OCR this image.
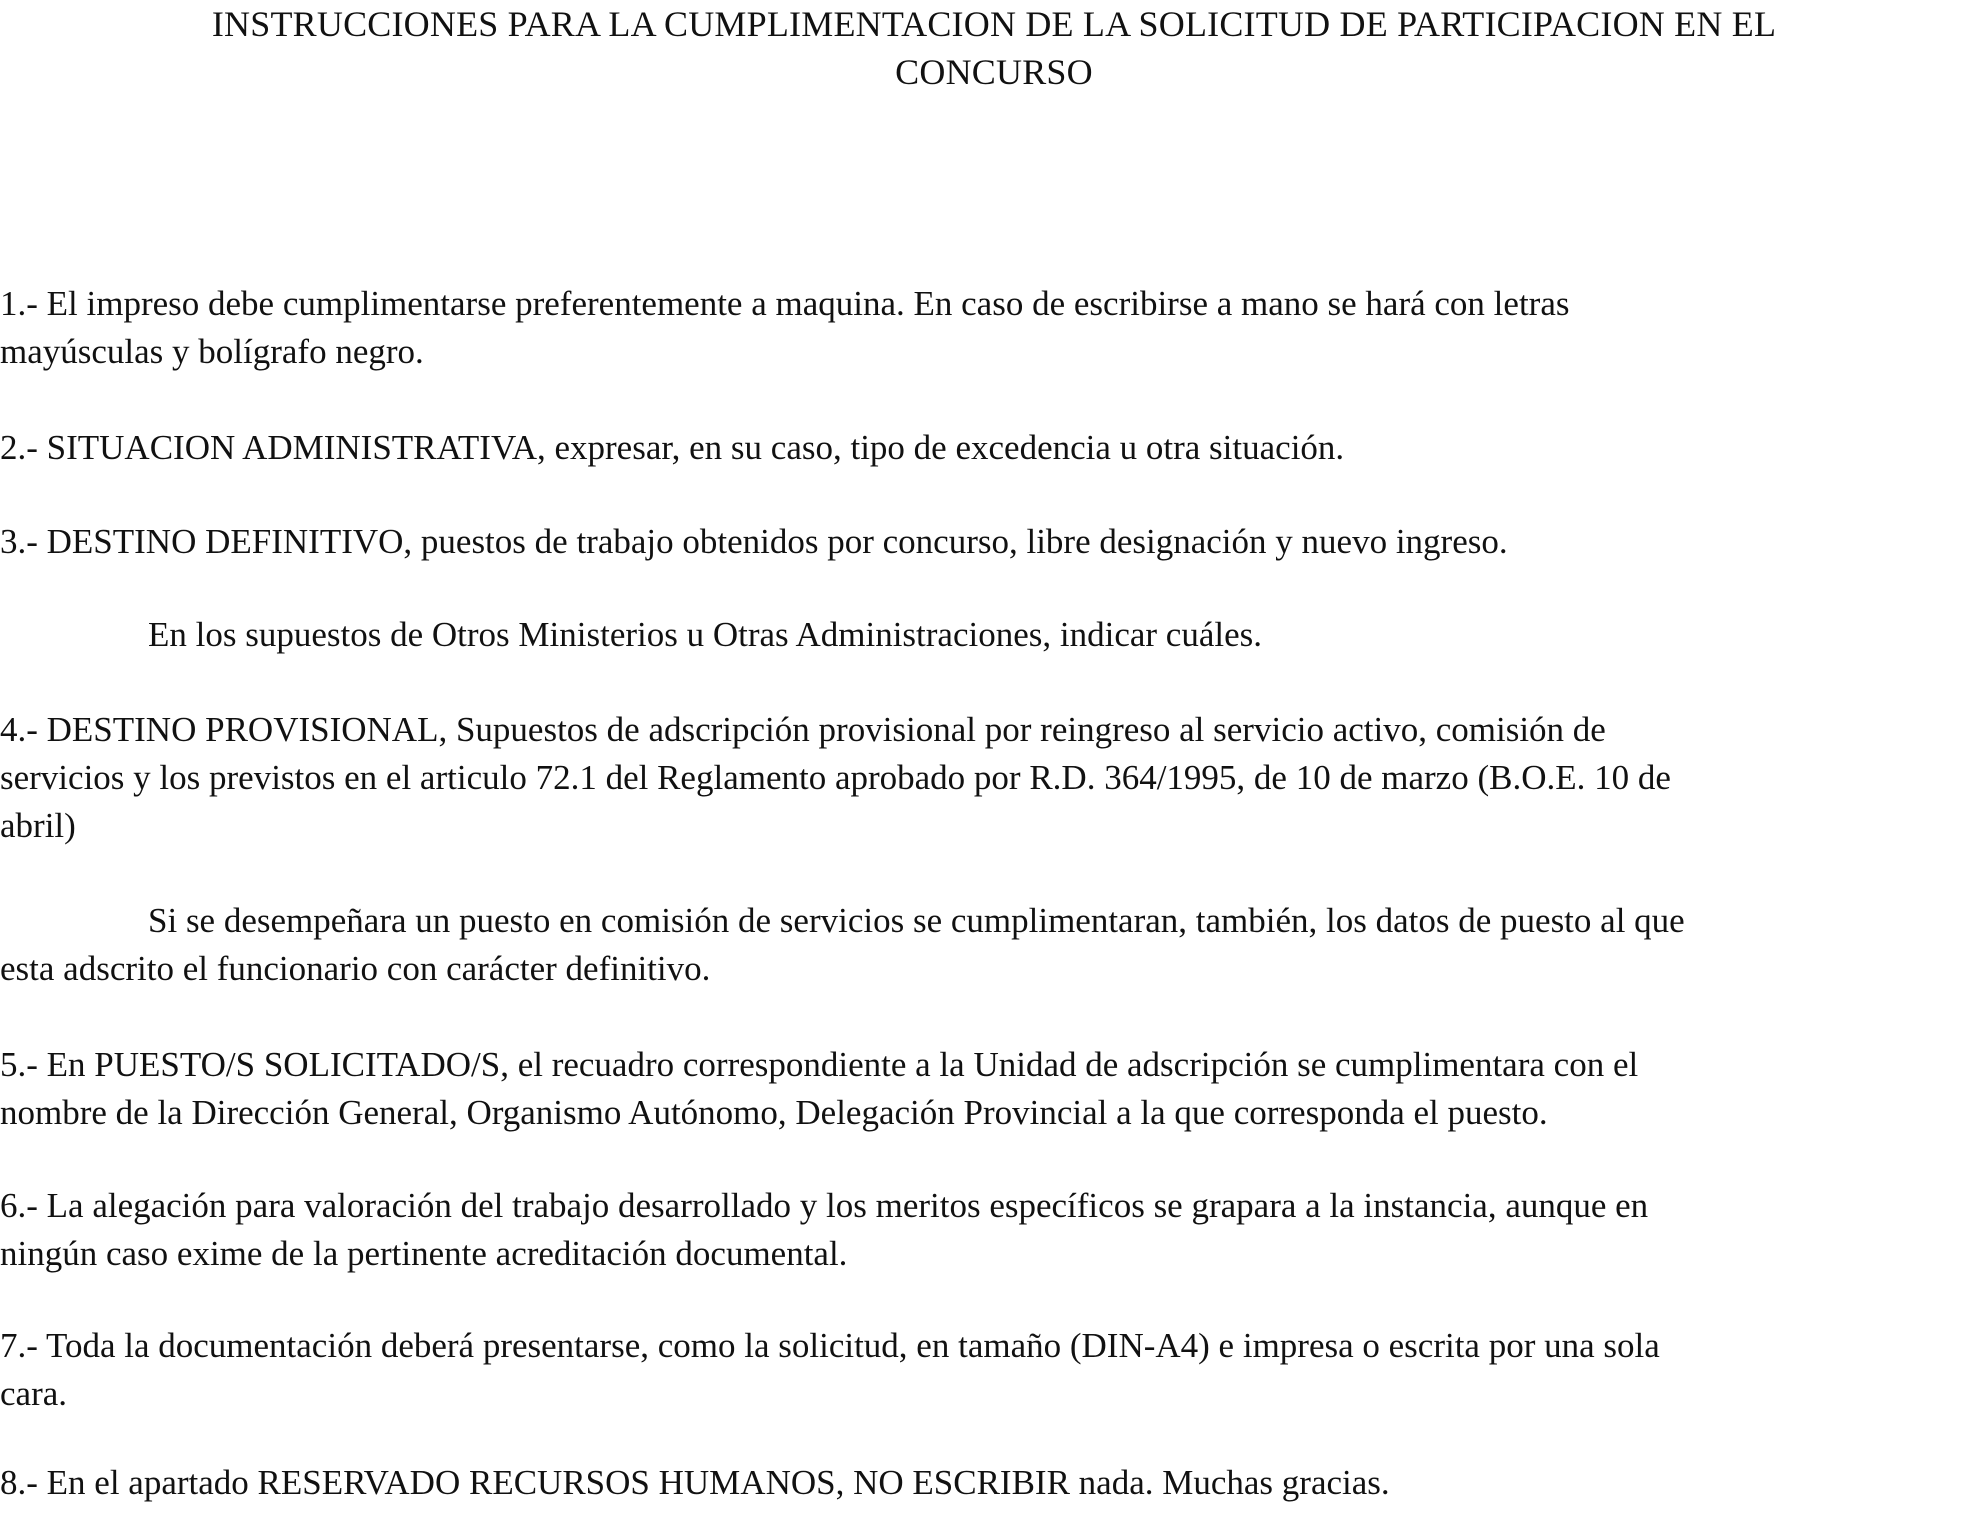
INSTRUCCIONES PARA LA CUMPLIMENTACION DE LA SOLICITUD DE PARTICIPACION EN EL
CONCURSO

1.- El impreso debe cumplimentarse preferentemente a maquina. En caso de escribirse a mano se hará con letras
mayúsculas y bolígrafo negro.

2.- SITUACION ADMINISTRATIVA, expresar, en su caso, tipo de excedencia u otra situación.

3.- DESTINO DEFINITIVO, puestos de trabajo obtenidos por concurso, libre designación y nuevo ingreso.

En los supuestos de Otros Ministerios u Otras Administraciones, indicar cuáles.

4.- DESTINO PROVISIONAL, Supuestos de adscripción provisional por reingreso al servicio activo, comisión de
servicios y los previstos en el articulo 72.1 del Reglamento aprobado por R.D. 364/1995, de 10 de marzo (B.O.E. 10 de
abril)

Si se desempeñara un puesto en comisión de servicios se cumplimentaran, también, los datos de puesto al que
esta adscrito el funcionario con carácter definitivo.

5.- En PUESTO/S SOLICITADO/S, el recuadro correspondiente a la Unidad de adscripción se cumplimentara con el
nombre de la Dirección General, Organismo Autónomo, Delegación Provincial a la que corresponda el puesto.

6.- La alegación para valoración del trabajo desarrollado y los meritos específicos se grapara a la instancia, aunque en
ningún caso exime de la pertinente acreditación documental.

7.- Toda la documentación deberá presentarse, como la solicitud, en tamaño (DIN-A4) e impresa o escrita por una sola
cara.

8.- En el apartado RESERVADO RECURSOS HUMANOS, NO ESCRIBIR nada. Muchas gracias.
